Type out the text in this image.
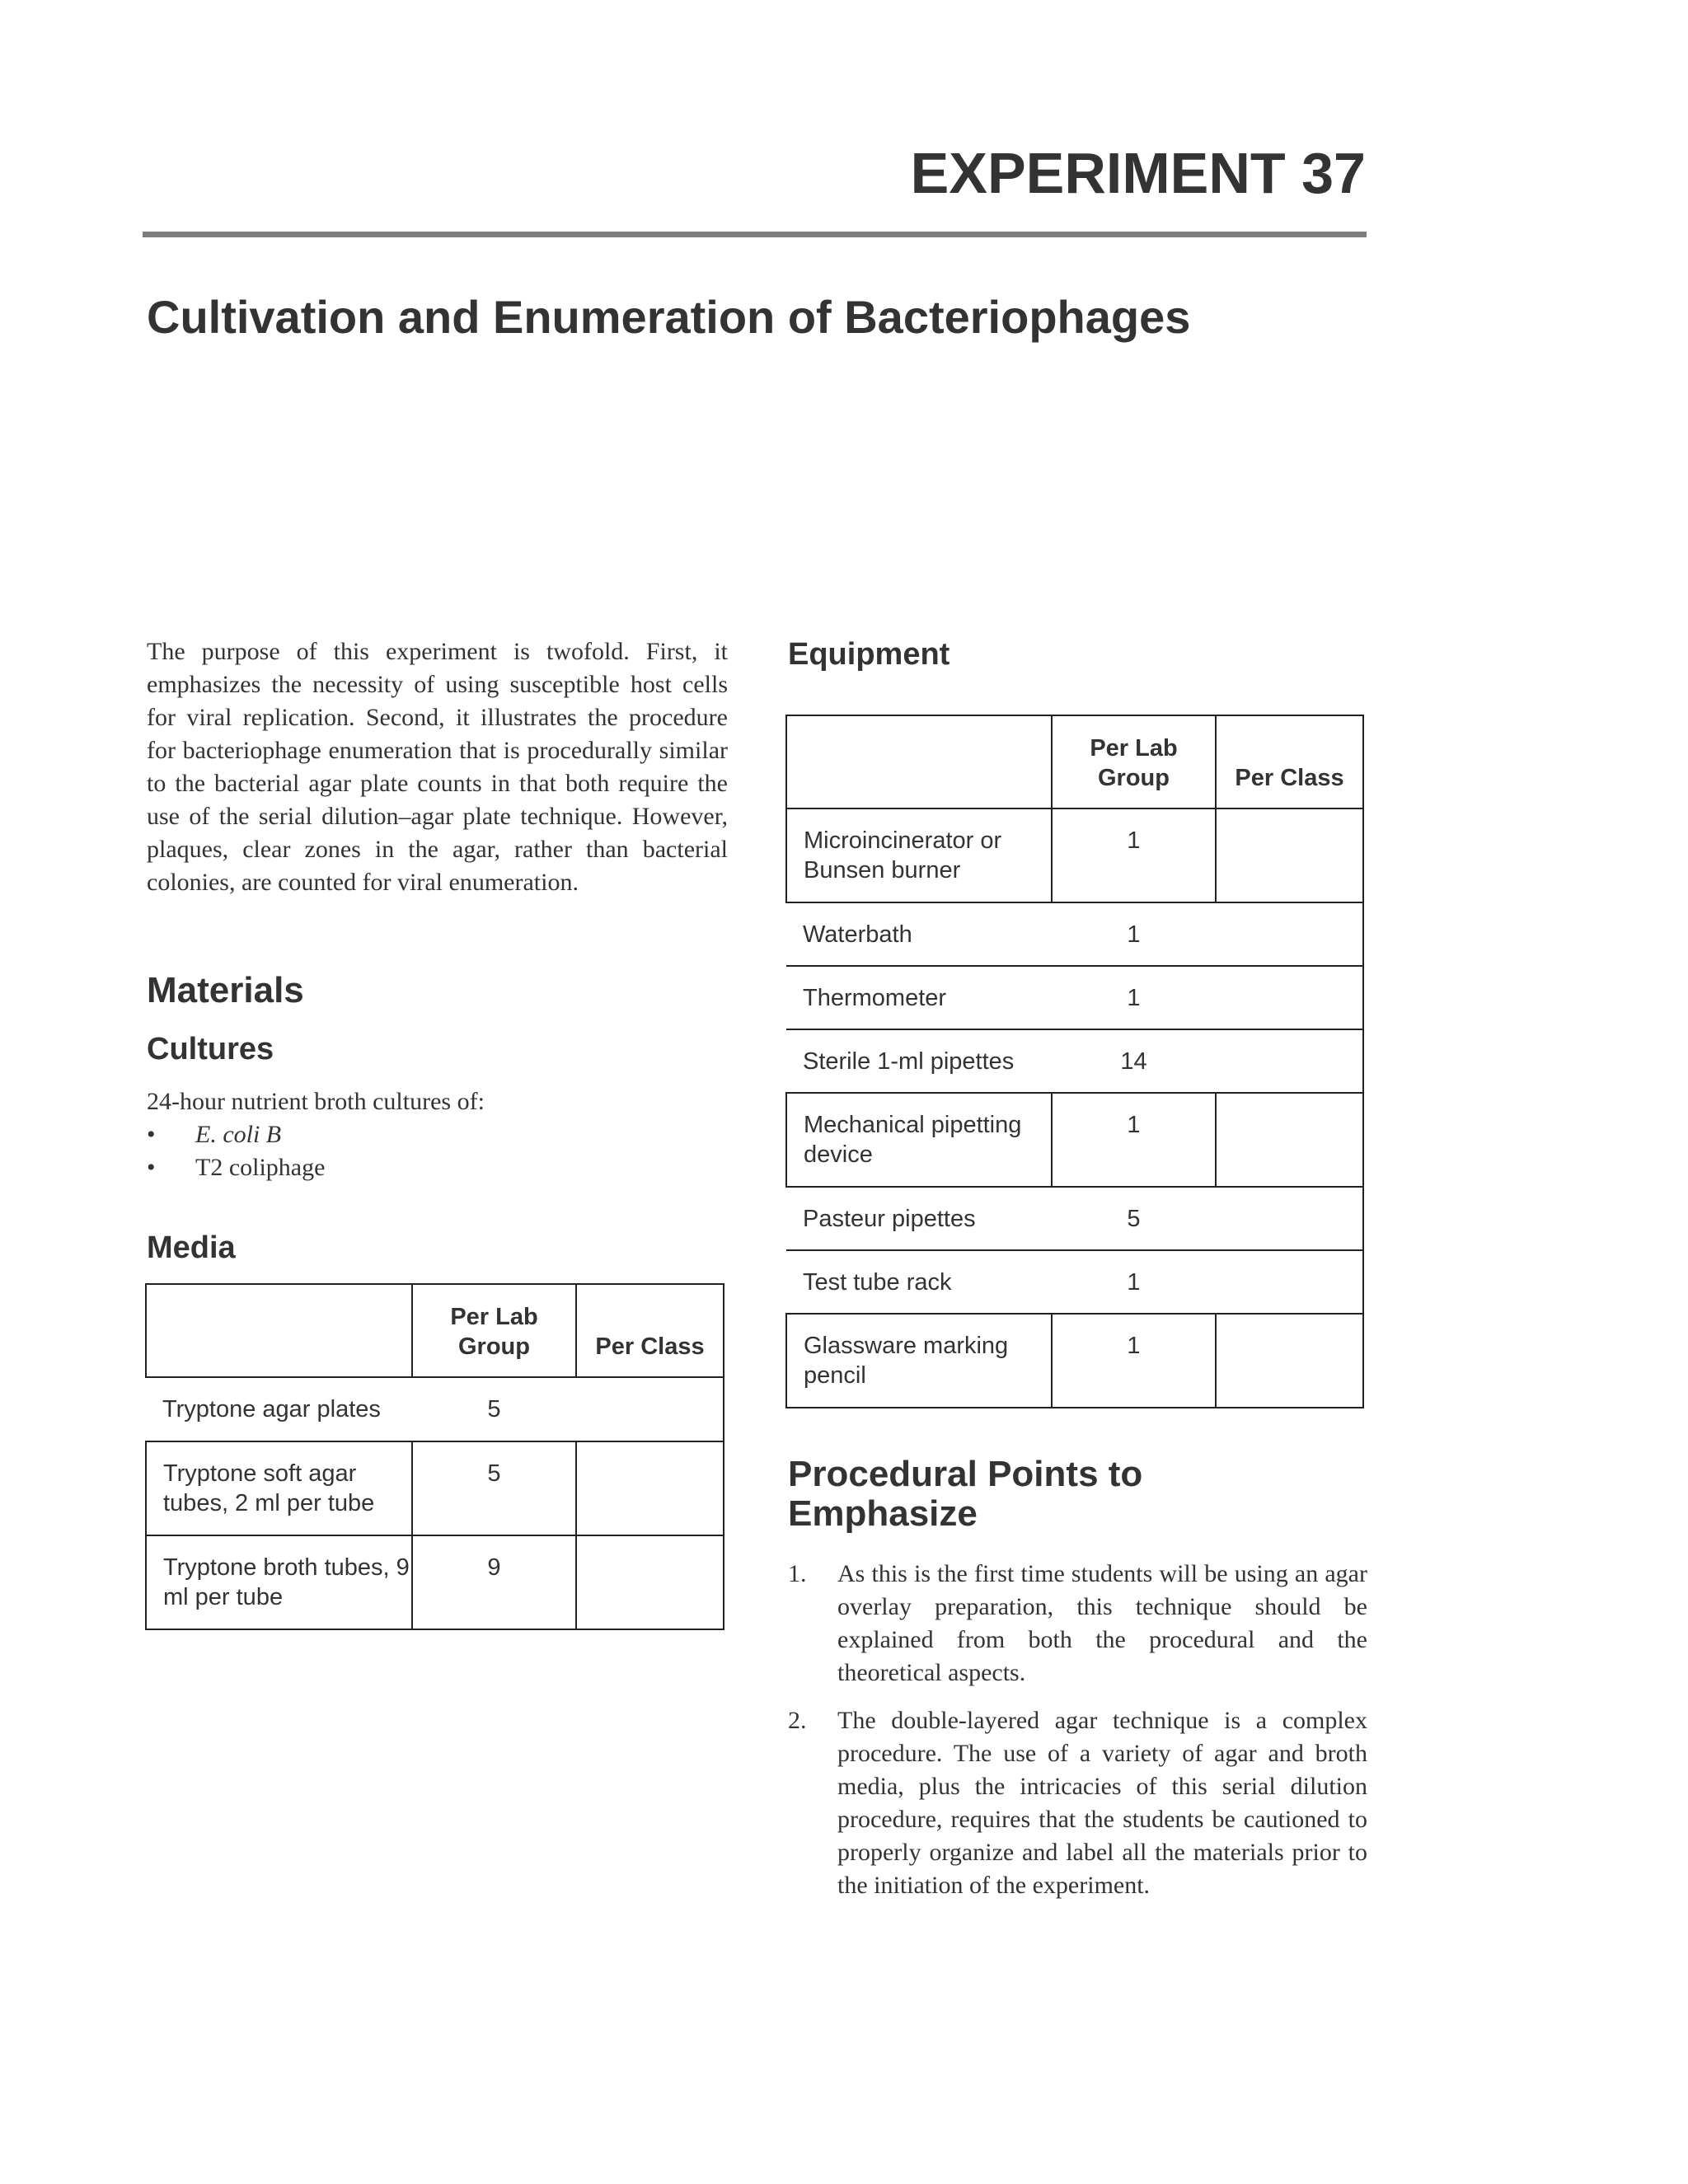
EXPERIMENT 37
Cultivation and Enumeration of Bacteriophages

The purpose of this experiment is twofold. First, it emphasizes the necessity of using susceptible host cells for viral replication. Second, it illustrates the procedure for bacteriophage enumeration that is procedurally similar to the bacterial agar plate counts in that both require the use of the serial dilution–agar plate technique. However, plaques, clear zones in the agar, rather than bacterial colonies, are counted for viral enumeration.

Materials
Cultures

24-hour nutrient broth cultures of:

•	E. coli B
•	T2 coliphage
Media
	Per Lab Group	Per Class
Tryptone agar plates	5	
Tryptone soft agar tubes, 2 ml per tube	5	
Tryptone broth tubes, 9 ml per tube	9	
Equipment
	Per Lab Group	Per Class
Microincinerator or Bunsen burner	1	
Waterbath	1	
Thermometer	1	
Sterile 1-ml pipettes	14	
Mechanical pipetting device	1	
Pasteur pipettes	5	
Test tube rack	1	
Glassware marking pencil	1	
Procedural Points to
Emphasize
1. As this is the first time students will be using an agar overlay preparation, this technique should be explained from both the procedural and the theoretical aspects.
2. The double-layered agar technique is a complex procedure. The use of a variety of agar and broth media, plus the intricacies of this serial dilution procedure, requires that the students be cautioned to properly organize and label all the materials prior to the initiation of the experiment.
